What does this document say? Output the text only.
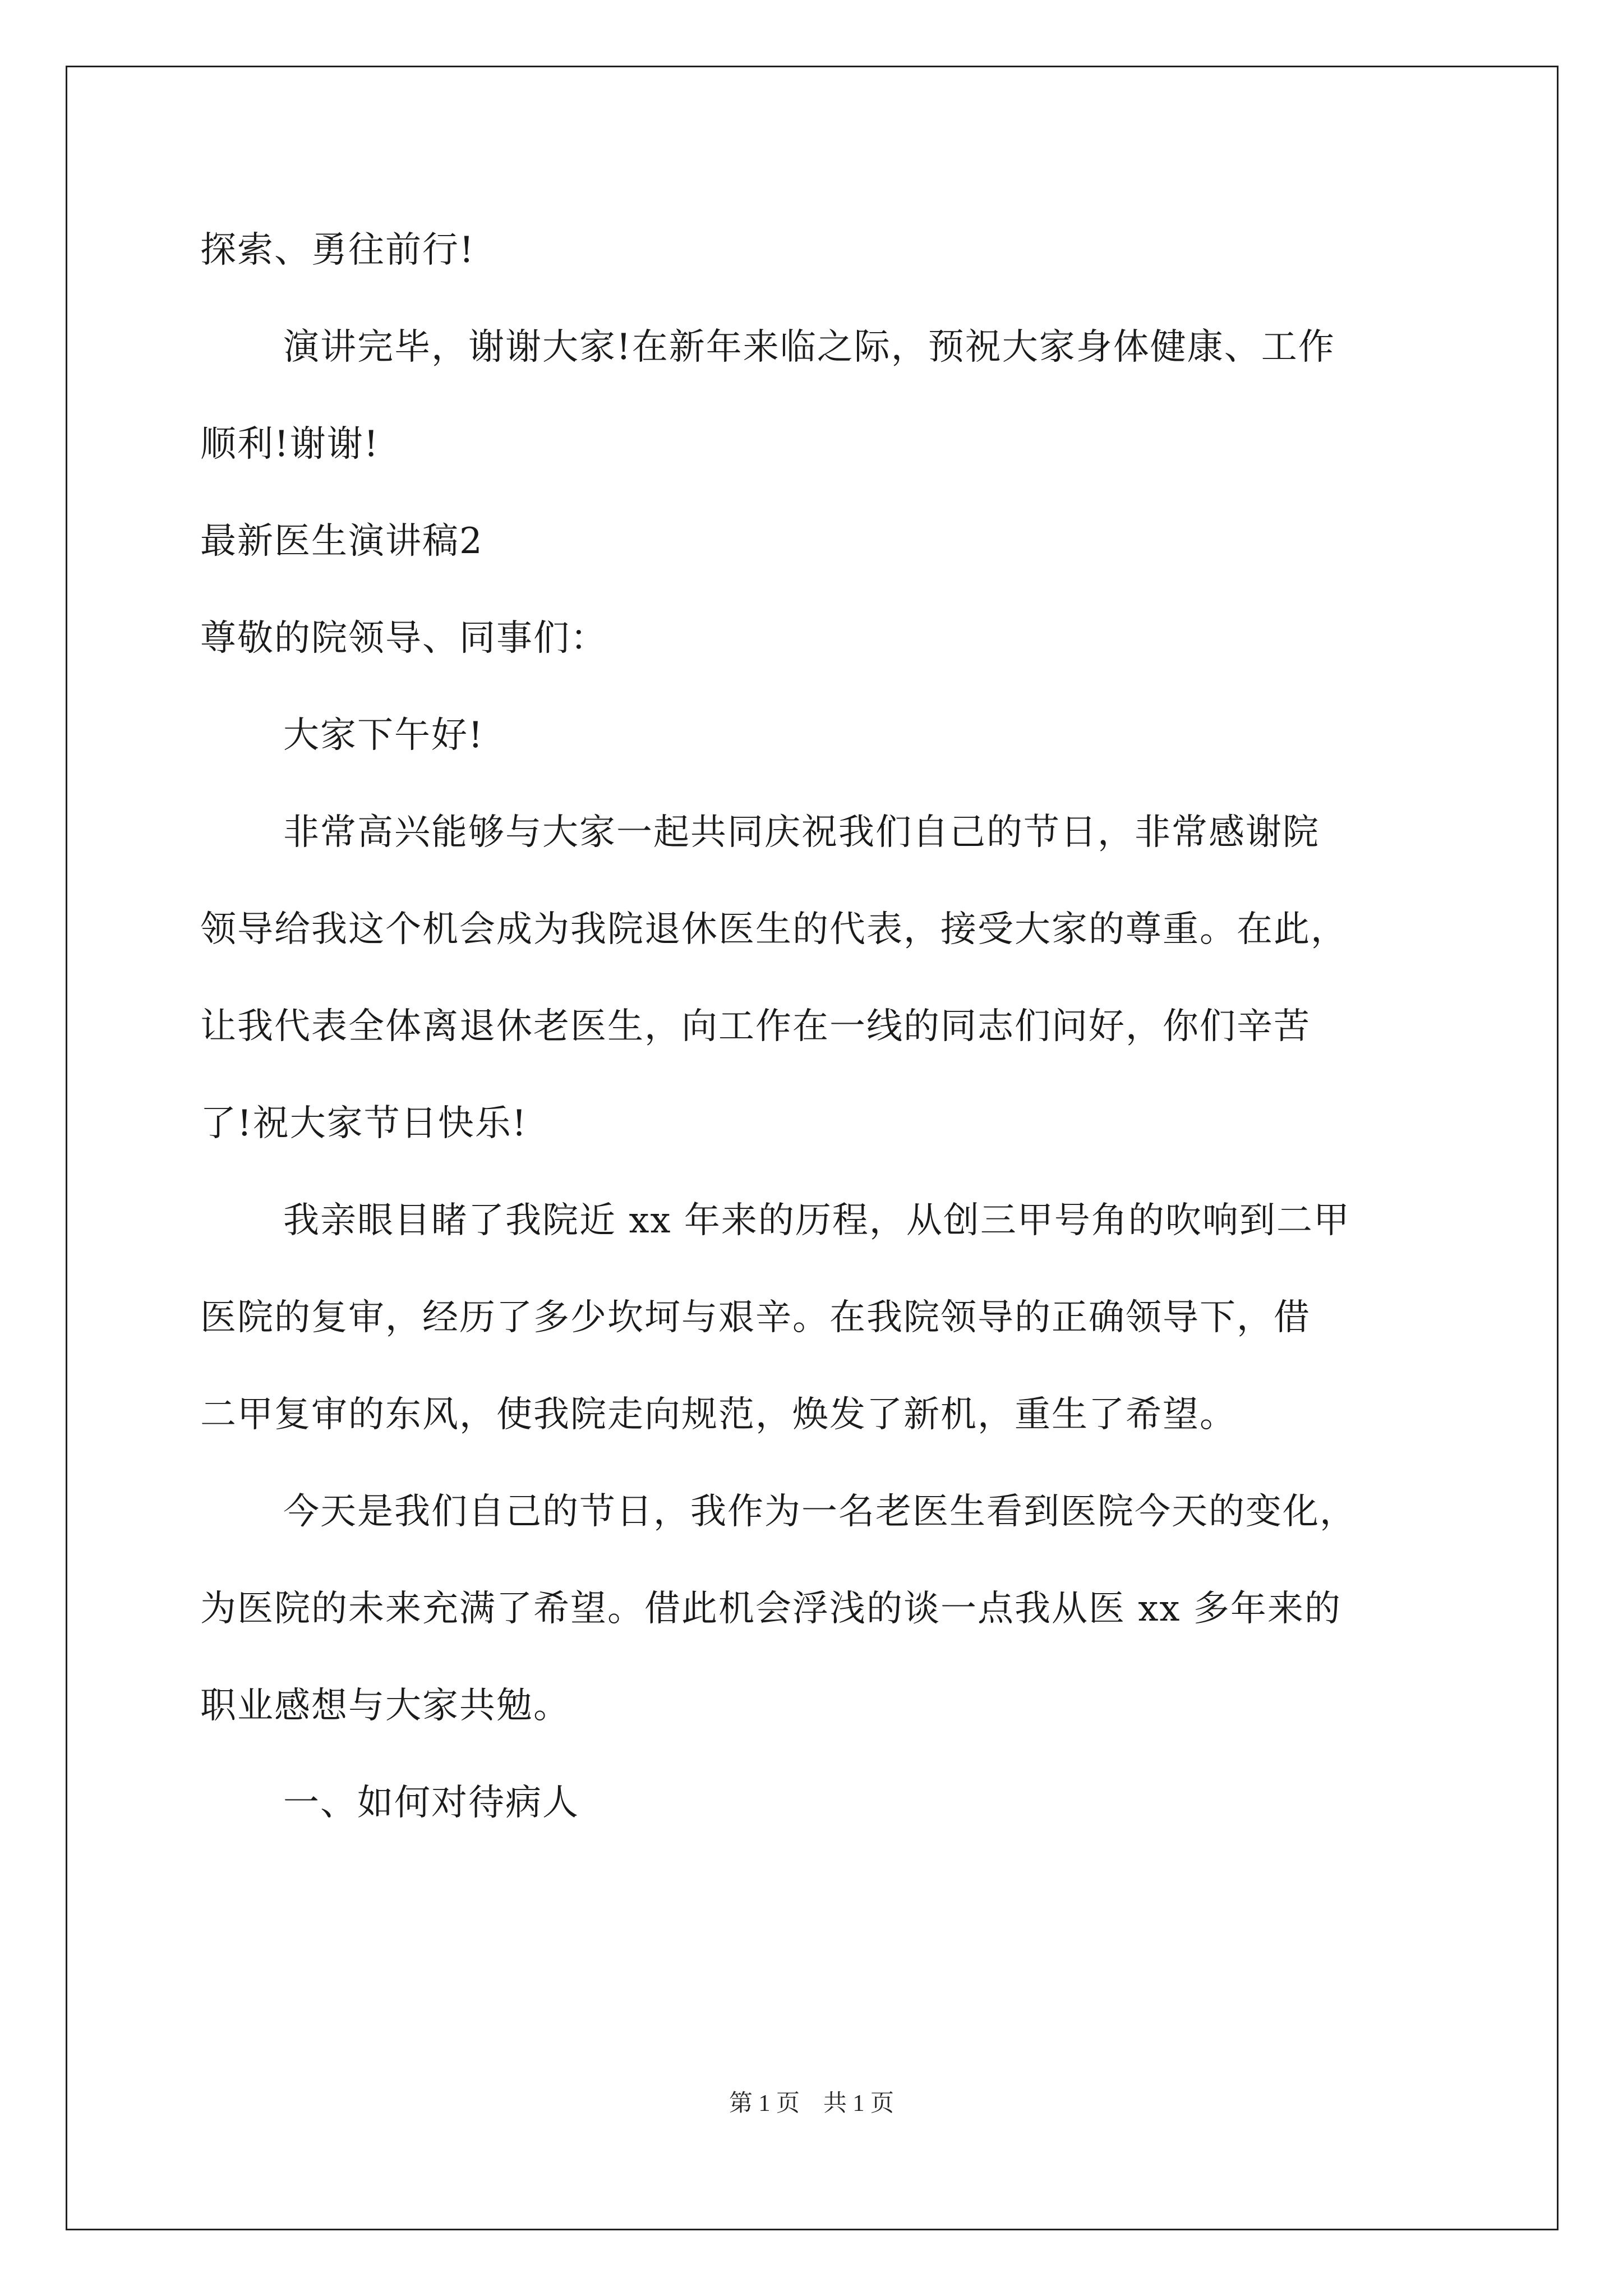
探索、勇往前行!

演讲完毕，谢谢大家!在新年来临之际，预祝大家身体健康、工作

顺利!谢谢!

最新医生演讲稿2

尊敬的院领导、同事们：

大家下午好!

非常高兴能够与大家一起共同庆祝我们自己的节日，非常感谢院

领导给我这个机会成为我院退休医生的代表，接受大家的尊重。在此，

让我代表全体离退休老医生，向工作在一线的同志们问好，你们辛苦

了!祝大家节日快乐!

我亲眼目睹了我院近 xx 年来的历程，从创三甲号角的吹响到二甲

医院的复审，经历了多少坎坷与艰辛。在我院领导的正确领导下，借

二甲复审的东风，使我院走向规范，焕发了新机，重生了希望。

今天是我们自己的节日，我作为一名老医生看到医院今天的变化，

为医院的未来充满了希望。借此机会浮浅的谈一点我从医 xx 多年来的

职业感想与大家共勉。

一、如何对待病人

第 1 页　共 1 页
